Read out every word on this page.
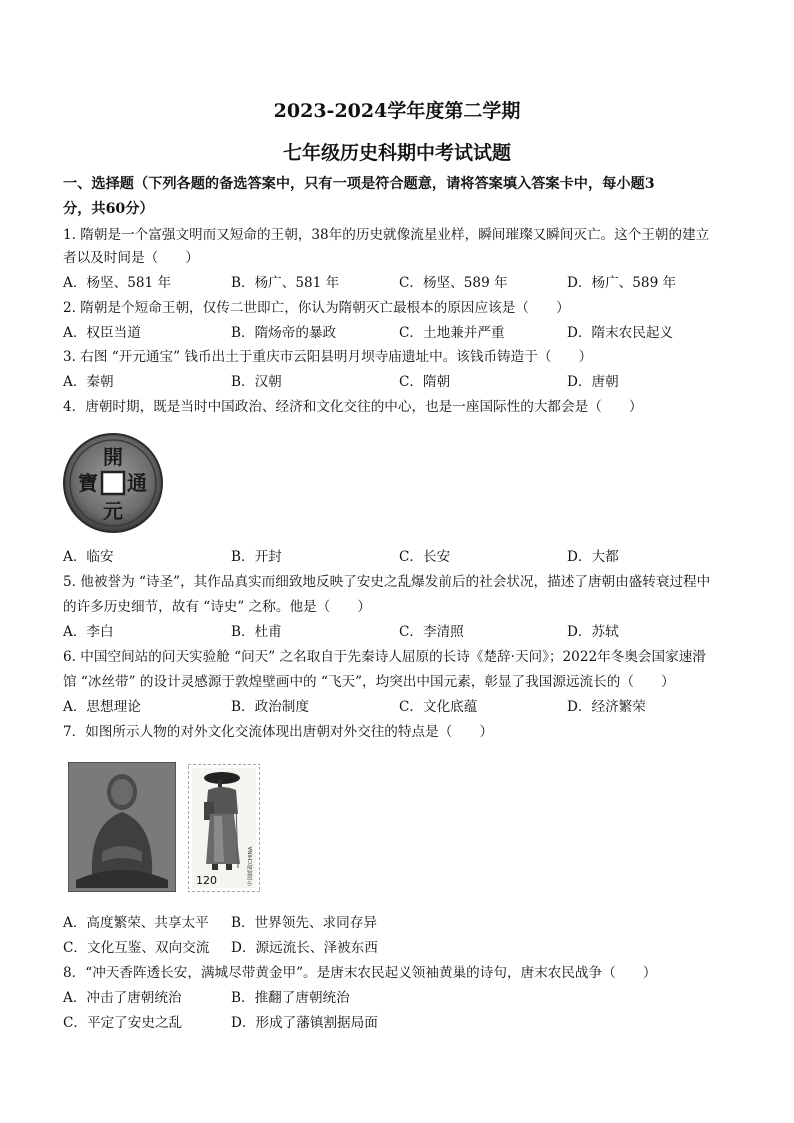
2023-2024学年度第二学期
七年级历史科期中考试试题
一、选择题（下列各题的备选答案中，只有一项是符合题意，请将答案填入答案卡中，每小题3
分，共60分）
1. 隋朝是一个富强文明而又短命的王朝，38年的历史就像流星业样，瞬间璀璨又瞬间灭亡。这个王朝的建立
者以及时间是（　　）
A．杨坚、581 年	B．杨广、581 年	C．杨坚、589 年	D．杨广、589 年
2. 隋朝是个短命王朝，仅传二世即亡，你认为隋朝灭亡最根本的原因应该是（　　）
A．权臣当道	B．隋炀帝的暴政	C．土地兼并严重	D．隋末农民起义
3. 右图 “开元通宝” 钱币出土于重庆市云阳县明月坝寺庙遗址中。该钱币铸造于（　　）
A．秦朝	B．汉朝	C．隋朝	D．唐朝
4．唐朝时期，既是当时中国政治、经济和文化交往的中心，也是一座国际性的大都会是（　　）
開
元
通
寶
A．临安	B．开封	C．长安	D．大都
5. 他被誉为 “诗圣”，其作品真实而细致地反映了安史之乱爆发前后的社会状况，描述了唐朝由盛转衰过程中
的许多历史细节，故有 “诗史” 之称。他是（　　）
A．李白	B．杜甫	C．李清照	D．苏轼
6. 中国空间站的问天实验舱 “问天” 之名取自于先秦诗人屈原的长诗《楚辞·天问》；2022年冬奥会国家速滑
馆 “冰丝带” 的设计灵感源于敦煌壁画中的 “飞天”，均突出中国元素，彰显了我国源远流长的（　　）
A．思想理论	B．政治制度	C．文化底蕴	D．经济繁荣
7．如图所示人物的对外文化交流体现出唐朝对外交往的特点是（　　）
120
CHINA
中国邮政
A．高度繁荣、共享太平 B．世界领先、求同存异
C．文化互鉴、双向交流 D．源远流长、泽被东西
8．“冲天香阵透长安，满城尽带黄金甲”。是唐末农民起义领袖黄巢的诗句，唐末农民战争（　　）
A．冲击了唐朝统治	B．推翻了唐朝统治
C．平定了安史之乱	D．形成了藩镇割据局面
